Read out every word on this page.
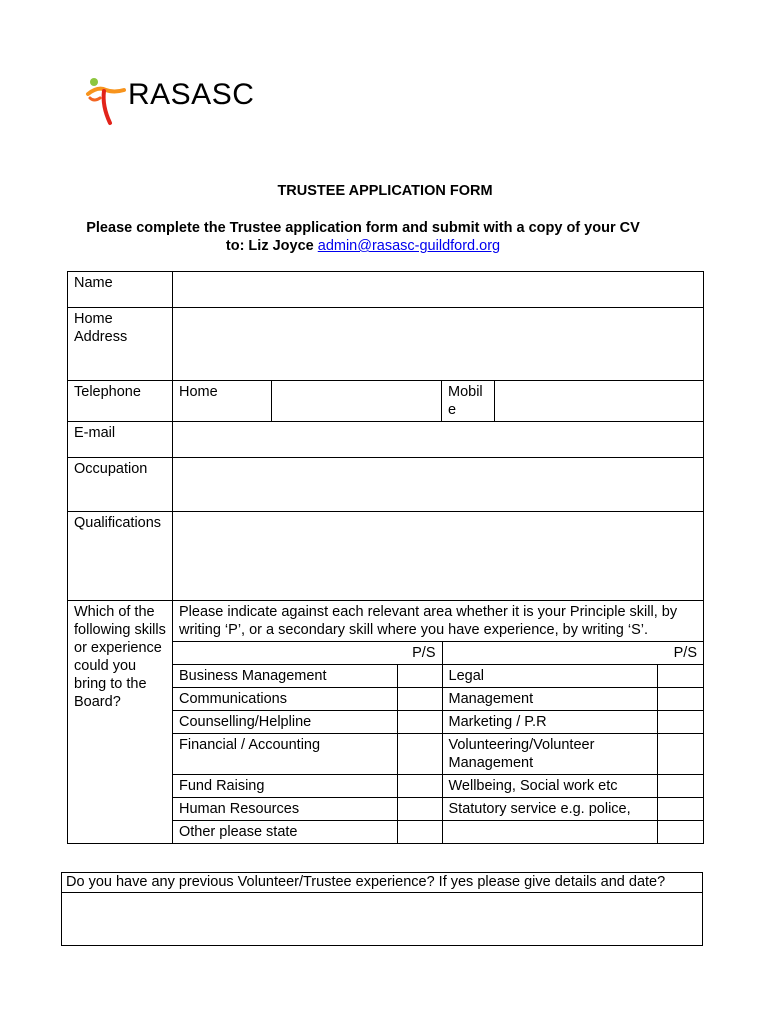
RASASC
TRUSTEE APPLICATION FORM
Please complete the Trustee application form and submit with a copy of your CV
to: Liz Joyce admin@rasasc-guildford.org
Name	
Home Address	
Telephone	Home		Mobil e	
E-mail	
Occupation	
Qualifications	
Which of the following skills or experience could you bring to the Board?	
Please indicate against each relevant area whether it is your Principle skill, by writing ‘P’, or a secondary skill where you have experience, by writing ‘S’.
P/S	P/S
Business Management		Legal	
Communications		Management	
Counselling/Helpline		Marketing / P.R	
Financial / Accounting		Volunteering/Volunteer Management	
Fund Raising		Wellbeing, Social work etc	
Human Resources		Statutory service e.g. police,	
Other please state			
Do you have any previous Volunteer/Trustee experience? If yes please give details and date?
